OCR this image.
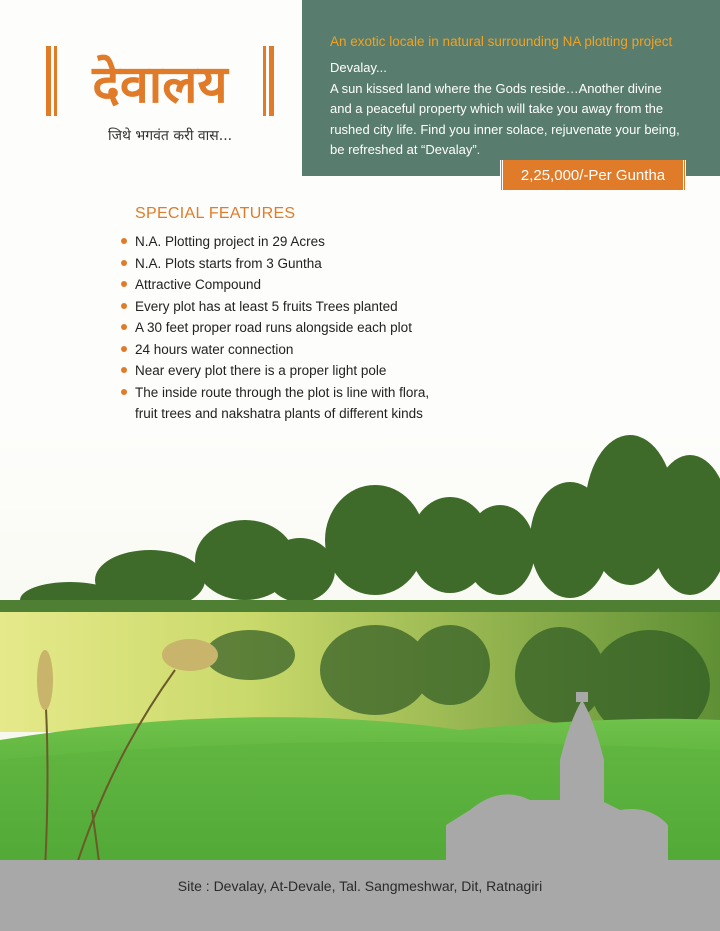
देवालय
जिथे भगवंत करी वास...
An exotic locale in natural surrounding NA plotting project

Devalay...

A sun kissed land where the Gods reside…Another divine

and a peaceful property which will take you away from the

rushed city life. Find you inner solace, rejuvenate your being,

be refreshed at “Devalay”.

2,25,000/-Per Guntha
SPECIAL FEATURES
N.A. Plotting project in 29 Acres
N.A. Plots starts from 3 Guntha
Attractive Compound
Every plot has at least 5 fruits Trees planted
A 30 feet proper road runs alongside each plot
24 hours water connection
Near every plot there is a proper light pole
The inside route through the plot is line with flora,
fruit trees and nakshatra plants of different kinds

Site : Devalay, At-Devale, Tal. Sangmeshwar, Dit, Ratnagiri
